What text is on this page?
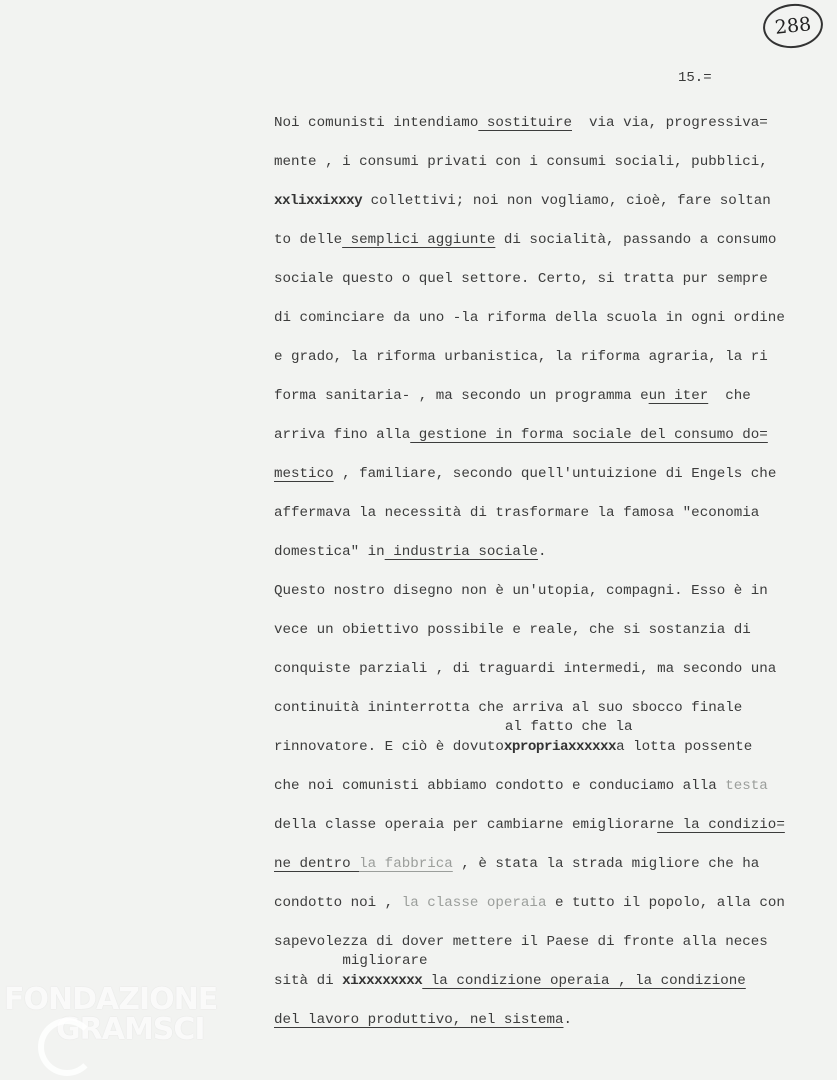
288
15.=
Noi comunisti intendiamo sostituire  via via, progressiva=
mente , i consumi privati con i consumi sociali, pubblici,
xxlixxixxxy collettivi; noi non vogliamo, cioè, fare soltan
to delle semplici aggiunte di socialità, passando a consumo
sociale questo o quel settore. Certo, si tratta pur sempre
di cominciare da uno -la riforma della scuola in ogni ordine
e grado, la riforma urbanistica, la riforma agraria, la ri
forma sanitaria- , ma secondo un programma eun iter  che
arriva fino alla gestione in forma sociale del consumo do=
mestico , familiare, secondo quell'untuizione di Engels che
affermava la necessità di trasformare la famosa "economia
domestica" in industria sociale.
Questo nostro disegno non è un'utopia, compagni. Esso è in
vece un obiettivo possibile e reale, che si sostanzia di
conquiste parziali , di traguardi intermedi, ma secondo una
continuità ininterrotta che arriva al suo sbocco finale
rinnovatore. E ciò è dovutoxpropriaxxxxxxa lotta possente
al fatto che la
che noi comunisti abbiamo condotto e conduciamo alla testa
della classe operaia per cambiarne emigliorarne la condizio=
ne dentro la fabbrica , è stata la strada migliore che ha
condotto noi , la classe operaia e tutto il popolo, alla con
sapevolezza di dover mettere il Paese di fronte alla neces
sità di xixxxxxxxx la condizione operaia , la condizione
migliorare
del lavoro produttivo, nel sistema.
FONDAZIONE
GRAMSCI
